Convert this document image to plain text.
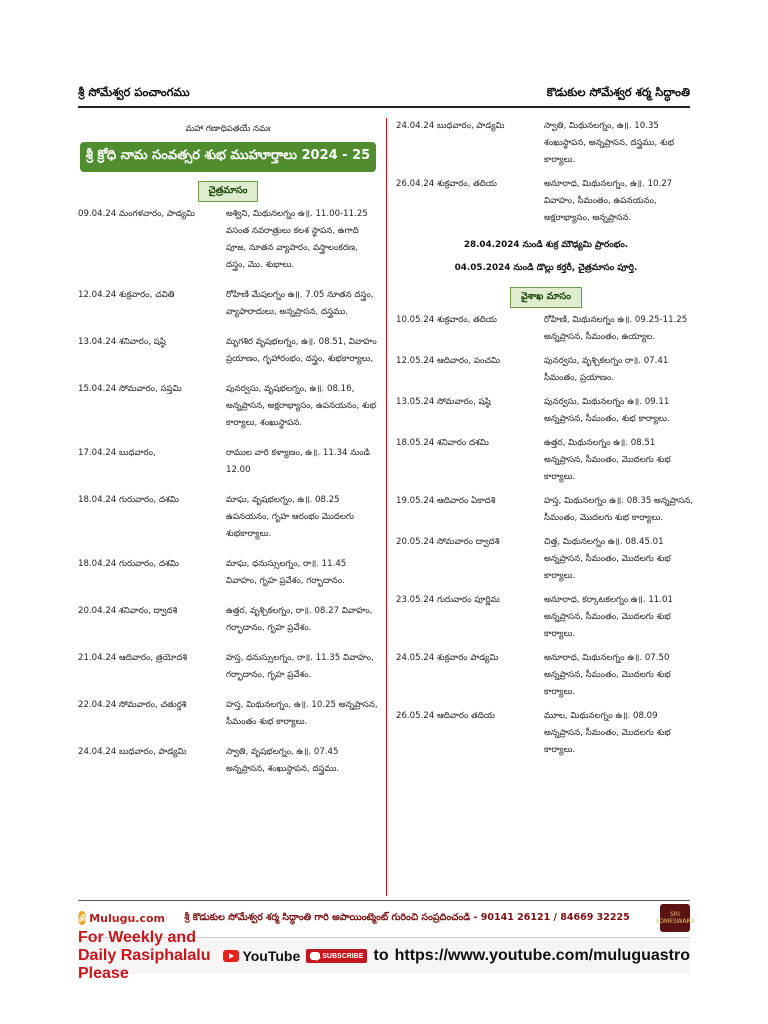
శ్రీ సోమేశ్వర పంచాంగము	కొడుకుల సోమేశ్వర శర్మ సిద్ధాంతి
మహా గణాధిపతయే నమః
శ్రీ క్రోధి నామ సంవత్సర శుభ ముహూర్తాలు 2024 - 25
చైత్రమాసం
09.04.24 మంగళవారం, పాడ్యమి	అశ్విని, మిథునలగ్నం ఉ॥. 11.00-11.25 వసంత నవరాత్రులు కలశ స్థాపన, ఉగాది పూజ, నూతన వ్యాపారం, వస్త్రాలంకరణ, దస్త్రం, మొ. శుభాలు.
12.04.24 శుక్రవారం, చవితి	రోహిణి మేషలగ్నం ఉ॥. 7.05 నూతన దస్త్రం, వ్యాపారాదులు, అన్నప్రాసన, దస్త్రము.
13.04.24 శనివారం, షష్ఠి	మృగశిర వృషభలగ్నం, ఉ॥. 08.51, వివాహం ప్రయాణం, గృహారంభం, దస్త్రం, శుభకార్యాలు,
15.04.24 సోమవారం, సప్తమి	పునర్వసు, వృషభలగ్నం, ఉ॥. 08.16, అన్నప్రాసన, అక్షరాభ్యాసం, ఉపనయనం, శుభ కార్యాలు, శంఖుస్థాపన.
17.04.24 బుధవారం,	రాముల వారి కళ్యాణం, ఉ॥. 11.34 నుండి 12.00
18.04.24 గురువారం, దశమి	మాఘ, వృషభలగ్నం, ఉ॥. 08.25 ఉపనయనం, గృహ ఆరంభం మొదలగు శుభకార్యాలు.
18.04.24 గురువారం, దశమి	మాఘ, ధనుస్సులగ్నం, రా॥. 11.45 వివాహం, గృహ ప్రవేశం, గర్భాదానం.
20.04.24 శనివారం, ద్వాదశి	ఉత్తర, వృశ్చికలగ్నం, రా॥. 08.27 వివాహం, గర్భాదానం, గృహ ప్రవేశం.
21.04.24 ఆదివారం, త్రయోదశి	హస్త, ధనుస్సులగ్నం, రా॥. 11.35 వివాహం, గర్భాదానం, గృహ ప్రవేశం.
22.04.24 సోమవారం, చతుర్దశి	హస్త, మిథునలగ్నం, ఉ॥. 10.25 అన్నప్రాసన, సీమంతం శుభ కార్యాలు.
24.04.24 బుధవారం, పాడ్యమి	స్వాతి, వృషభలగ్నం, ఉ॥. 07.45 అన్నప్రాసన, శంఖుస్థాపన, దస్త్రము.
24.04.24 బుధవారం, పాడ్యమి	స్వాతి, మిథునలగ్నం, ఉ॥. 10.35 శంఖుస్థాపన, అన్నప్రాసన, దస్త్రము, శుభ కార్యాలు.
26.04.24 శుక్రవారం, తదియ	అనూరాధ, మిథునలగ్నం, ఉ॥. 10.27 వివాహం, సీమంతం, ఉపనయనం, అక్షరాభ్యాసం, అన్నప్రాసన.
28.04.2024 నుండి శుక్ర మౌఢ్యమి ప్రారంభం.
04.05.2024 నుండి డొల్లు కర్తరీ, చైత్రమాసం పూర్తి.
వైశాఖ మాసం
10.05.24 శుక్రవారం, తదియ	రోహిణి, మిథునలగ్నం ఉ॥. 09.25-11.25 అన్నప్రాసన, సీమంతం, ఉయ్యాల.
12.05.24 ఆదివారం, పంచమి	పునర్వసు, వృశ్చికలగ్నం రా॥. 07.41 సీమంతం, ప్రయాణం.
13.05.24 సోమవారం, షష్ఠి	పునర్వసు, మిథునలగ్నం ఉ॥. 09.11 అన్నప్రాసన, సీమంతం, శుభ కార్యాలు.
18.05.24 శనివారం దశమి	ఉత్తర, మిథునలగ్నం ఉ॥. 08.51 అన్నప్రాసన, సీమంతం, మొదలగు శుభ కార్యాలు.
19.05.24 ఆదివారం ఏకాదశి	హస్త, మిథునలగ్నం ఉ॥. 08.35 అన్నప్రాసన, సీమంతం, మొదలగు శుభ కార్యాలు.
20.05.24 సోమవారం ద్వాదశి	చిత్త, మిథునలగ్నం ఉ॥. 08.45.01 అన్నప్రాసన, సీమంతం, మొదలగు శుభ కార్యాలు.
23.05.24 గురువారం పూర్ణిమ	అనూరాధ, కర్కాటకలగ్నం ఉ॥. 11.01 అన్నప్రాసన, సీమంతం, మొదలగు శుభ కార్యాలు.
24.05.24 శుక్రవారం పాడ్యమి	అనూరాధ, మిథునలగ్నం ఉ॥. 07.50 అన్నప్రాసన, సీమంతం, మొదలగు శుభ కార్యాలు.
26.05.24 ఆదివారం తదియ	మూల, మిథునలగ్నం ఉ॥. 08.09 అన్నప్రాసన, సీమంతం, మొదలగు శుభ కార్యాలు.
ॐ Mulugu.com	శ్రీ కొడుకుల సోమేశ్వర శర్మ సిద్ధాంతి గారి అపాయింట్మెంట్ గురించి సంప్రదించండి - 90141 26121 / 84669 32225	SRI SOMESWARA
For Weekly and Daily Rasiphalalu Please
YouTube	SUBSCRIBE to https://www.youtube.com/muluguastro
